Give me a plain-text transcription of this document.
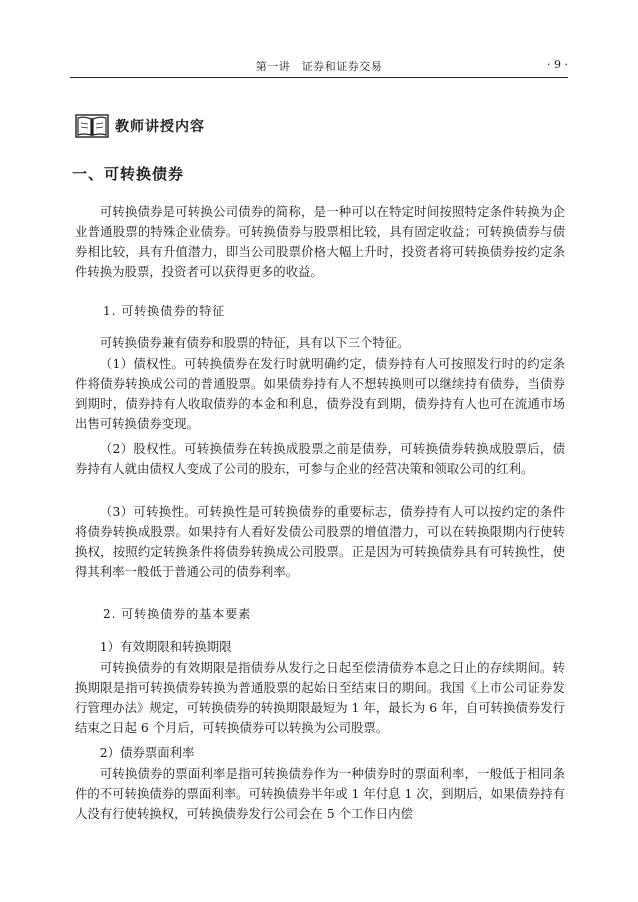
第一讲　证券和证券交易	· 9 ·
教师讲授内容
一、可转换债券

可转换债券是可转换公司债券的简称，是一种可以在特定时间按照特定条件转换为企业普通股票的特殊企业债券。可转换债券与股票相比较，具有固定收益；可转换债券与债券相比较，具有升值潜力，即当公司股票价格大幅上升时，投资者将可转换债券按约定条件转换为股票，投资者可以获得更多的收益。

1. 可转换债券的特征

可转换债券兼有债券和股票的特征，具有以下三个特征。

（1）债权性。可转换债券在发行时就明确约定，债券持有人可按照发行时的约定条件将债券转换成公司的普通股票。如果债券持有人不想转换则可以继续持有债券，当债券到期时，债券持有人收取债券的本金和利息，债券没有到期，债券持有人也可在流通市场出售可转换债券变现。

（2）股权性。可转换债券在转换成股票之前是债券，可转换债券转换成股票后，债券持有人就由债权人变成了公司的股东，可参与企业的经营决策和领取公司的红利。

（3）可转换性。可转换性是可转换债券的重要标志，债券持有人可以按约定的条件将债券转换成股票。如果持有人看好发债公司股票的增值潜力，可以在转换限期内行使转换权，按照约定转换条件将债券转换成公司股票。正是因为可转换债券具有可转换性，使得其利率一般低于普通公司的债券利率。

2. 可转换债券的基本要素

1）有效期限和转换期限

可转换债券的有效期限是指债券从发行之日起至偿清债券本息之日止的存续期间。转换期限是指可转换债券转换为普通股票的起始日至结束日的期间。我国《上市公司证券发行管理办法》规定，可转换债券的转换期限最短为 1 年，最长为 6 年，自可转换债券发行结束之日起 6 个月后，可转换债券可以转换为公司股票。

2）债券票面利率

可转换债券的票面利率是指可转换债券作为一种债券时的票面利率，一般低于相同条件的不可转换债券的票面利率。可转换债券半年或 1 年付息 1 次，到期后，如果债券持有人没有行使转换权，可转换债券发行公司会在 5 个工作日内偿
